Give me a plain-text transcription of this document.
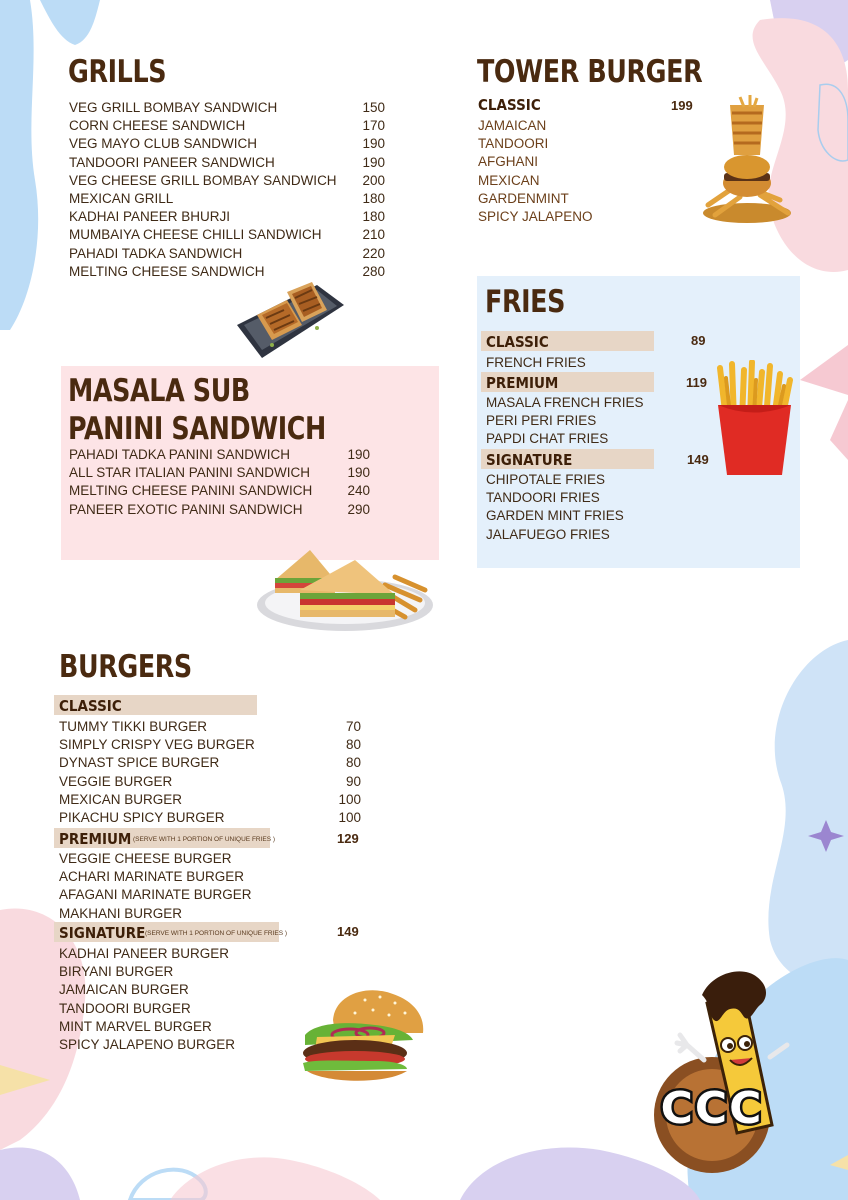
GRILLS
VEG GRILL BOMBAY SANDWICH	150
CORN CHEESE SANDWICH	170
VEG MAYO CLUB SANDWICH	190
TANDOORI PANEER SANDWICH	190
VEG CHEESE GRILL BOMBAY SANDWICH 200
MEXICAN GRILL	180
KADHAI PANEER BHURJI	180
MUMBAIYA CHEESE CHILLI SANDWICH	210
PAHADI TADKA SANDWICH	220
MELTING CHEESE SANDWICH	280
TOWER BURGER
CLASSIC	199
JAMAICAN
TANDOORI
AFGHANI
MEXICAN
GARDENMINT
SPICY JALAPENO
FRIES
CLASSIC	89
FRENCH FRIES
PREMIUM	119
MASALA FRENCH FRIES
PERI PERI FRIES
PAPDI CHAT FRIES
SIGNATURE	149
CHIPOTALE FRIES
TANDOORI FRIES
GARDEN MINT FRIES
JALAFUEGO FRIES
MASALA SUB
PANINI SANDWICH
PAHADI TADKA PANINI SANDWICH	190
ALL STAR ITALIAN PANINI SANDWICH	190
MELTING CHEESE PANINI SANDWICH	240
PANEER EXOTIC PANINI SANDWICH	290
BURGERS
CLASSIC
TUMMY TIKKI BURGER	70
SIMPLY CRISPY VEG BURGER	80
DYNAST SPICE BURGER	80
VEGGIE BURGER	90
MEXICAN BURGER	100
PIKACHU SPICY BURGER	100
PREMIUM (SERVE WITH 1 PORTION OF UNIQUE FRIES )	129
VEGGIE CHEESE BURGER
ACHARI MARINATE BURGER
AFAGANI MARINATE BURGER
MAKHANI BURGER
SIGNATURE (SERVE WITH 1 PORTION OF UNIQUE FRIES )	149
KADHAI PANEER BURGER
BIRYANI BURGER
JAMAICAN BURGER
TANDOORI BURGER
MINT MARVEL BURGER
SPICY JALAPENO BURGER
CCC
